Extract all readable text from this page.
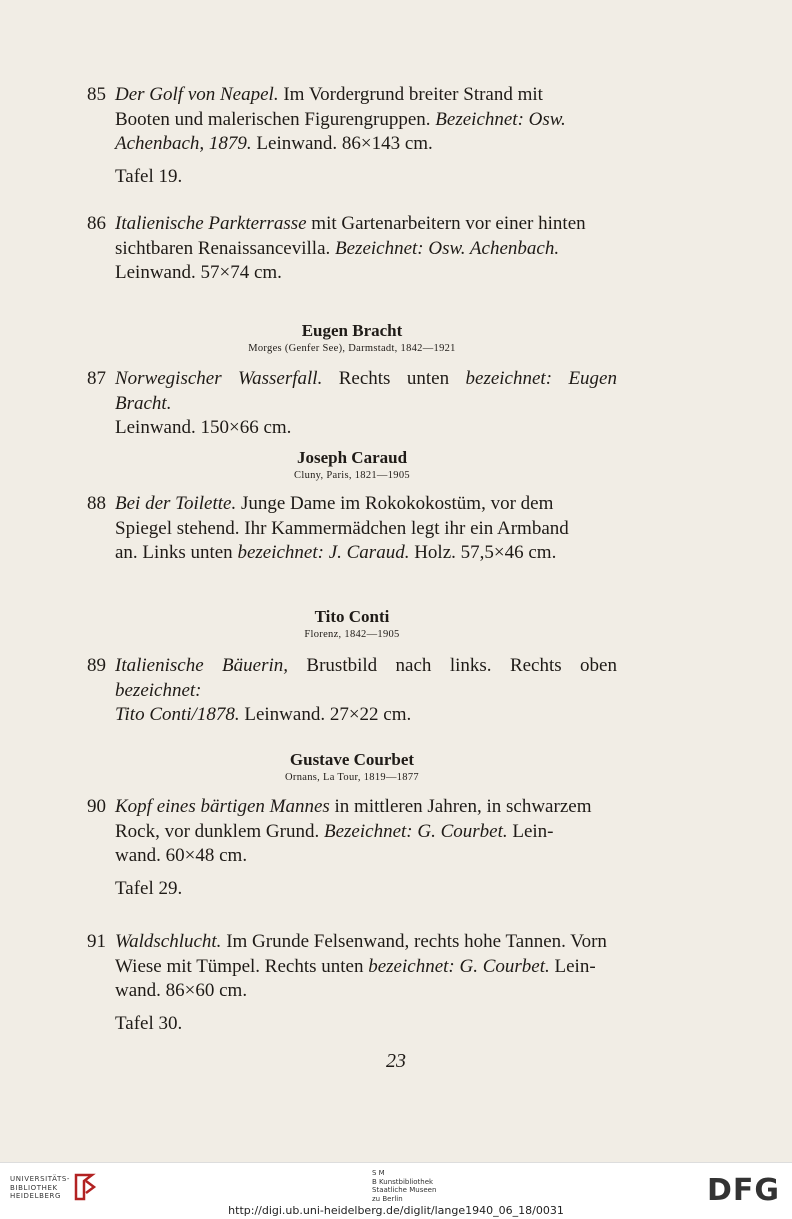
85 Der Golf von Neapel. Im Vordergrund breiter Strand mit
Booten und malerischen Figurengruppen. Bezeichnet: Osw.
Achenbach, 1879. Leinwand. 86×143 cm.
Tafel 19.
86 Italienische Parkterrasse mit Gartenarbeitern vor einer hinten
sichtbaren Renaissancevilla. Bezeichnet: Osw. Achenbach.
Leinwand. 57×74 cm.
Eugen Bracht
Morges (Genfer See), Darmstadt, 1842—1921
87 Norwegischer Wasserfall. Rechts unten bezeichnet: Eugen Bracht.
Leinwand. 150×66 cm.
Joseph Caraud
Cluny, Paris, 1821—1905
88 Bei der Toilette. Junge Dame im Rokokokostüm, vor dem
Spiegel stehend. Ihr Kammermädchen legt ihr ein Armband
an. Links unten bezeichnet: J. Caraud. Holz. 57,5×46 cm.
Tito Conti
Florenz, 1842—1905
89 Italienische Bäuerin, Brustbild nach links. Rechts oben bezeichnet:
Tito Conti/1878. Leinwand. 27×22 cm.
Gustave Courbet
Ornans, La Tour, 1819—1877
90 Kopf eines bärtigen Mannes in mittleren Jahren, in schwarzem
Rock, vor dunklem Grund. Bezeichnet: G. Courbet. Lein-
wand. 60×48 cm.
Tafel 29.
91 Waldschlucht. Im Grunde Felsenwand, rechts hohe Tannen. Vorn
Wiese mit Tümpel. Rechts unten bezeichnet: G. Courbet. Lein-
wand. 86×60 cm.
Tafel 30.
23
UNIVERSITÄTS-
BIBLIOTHEK
HEIDELBERG
S M
B Kunstbibliothek
Staatliche Museen
zu Berlin	DFG
http://digi.ub.uni-heidelberg.de/diglit/lange1940_06_18/0031
